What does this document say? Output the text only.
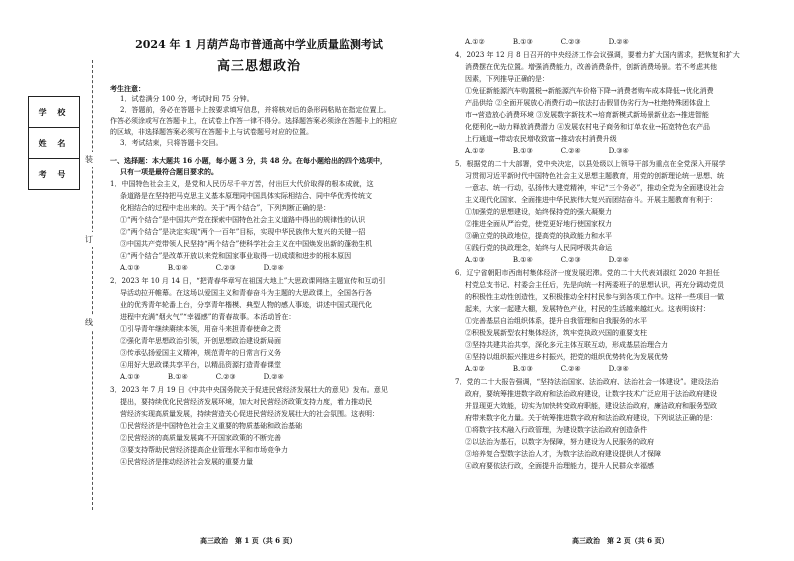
2024 年 1 月葫芦岛市普通高中学业质量监测考试
高三思想政治
学 校
姓 名
考 号
装
订
线
考生注意：
1．试卷满分 100 分，考试时间 75 分钟。
2．答题前，务必在答题卡上按要求填写信息，并将核对后的条形码粘贴在指定位置上。
作答必须涂或写在答题卡上，在试卷上作答一律不得分。选择题答案必须涂在答题卡上的相应
的区域，非选择题答案必须写在答题卡上与试卷题号对应的位置。
3．考试结束，只将答题卡交回。
一、选择题：本大题共 16 小题，每小题 3 分，共 48 分。在每小题给出的四个选项中，
只有一项是最符合题目要求的。
1．中国特色社会主义，是党和人民历尽千辛万苦，付出巨大代价取得的根本成就，这
条道路是在坚持把马克思主义基本原理同中国具体实际相结合、同中华优秀传统文
化相结合的过程中走出来的。关于“两个结合”，下列判断正确的是：
①“两个结合”是中国共产党在探索中国特色社会主义道路中得出的规律性的认识
②“两个结合”是决定实现“两个一百年”目标，实现中华民族伟大复兴的关键一招
③中国共产党带领人民坚持“两个结合”使科学社会主义在中国焕发出新的蓬勃生机
④“两个结合”是改革开放以来党和国家事业取得一切成绩和进步的根本原因
A.①③　　　　B.①④　　　　C.②③　　　　D.②④
2．2023 年 10 月 14 日，“把青春华章写在祖国大地上”大思政课网络主题宣传和互动引
导活动拉开帷幕。在这场以爱国主义和青春奋斗为主题的大思政课上，全国各行各
业的优秀青年轮番上台，分享青年楷模、典型人物的感人事迹，讲述中国式现代化
进程中充满“烟火气”“幸福感”的青春故事。本活动旨在：
①引导青年继续赓续本领，用奋斗来担青春使命之责
②强化青年思想政治引领，开创思想政治建设新局面
③传承弘扬爱国主义精神，规范青年的日常言行义务
④用好大思政课共享平台，以精品资源打造青春课堂
A.①③　　　　B.①④　　　　C.②③　　　　D.②④
3．2023 年 7 月 19 日《中共中央国务院关于促进民营经济发展壮大的意见》发布。意见
提出，要持续优化民营经济发展环境，加大对民营经济政策支持力度，着力推动民
营经济实现高质量发展，持续营造关心促进民营经济发展壮大的社会氛围。这表明：
①民营经济是中国特色社会主义重要的物质基础和政治基础
②民营经济的高质量发展离不开国家政策的不断完善
③要支持帮助民营经济提高企业管理水平和市场竞争力
④民营经济是推动经济社会发展的重要力量
A.①②　　　　B.①③　　　　C.②③　　　　D.②④
4．2023 年 12 月 8 日召开的中央经济工作会议强调，要着力扩大国内需求，把恢复和扩大
消费摆在优先位置。增强消费能力，改善消费条件，创新消费场景。若不考虑其他
因素，下列推导正确的是：
①免征新能源汽车购置税→新能源汽车价格下降→消费者购车成本降低→优化消费
产品供给 ②全面开展放心消费行动→依法打击假冒伪劣行为→杜绝特殊团体盘上
市→营造放心消费环境 ③发展数字新技术→培育新模式新场景新业态→推进智能
化便利化→助力释放消费潜力 ④发展农村电子商务和订单农业→拓宽特色农产品
上行通道→带动农民增收致富→推动农村消费升级
A.①②　　　　B.①③　　　　C.②④　　　　D.③④
5．根据党的二十大部署，党中央决定，以县处级以上领导干部为重点在全党深入开展学
习贯彻习近平新时代中国特色社会主义思想主题教育，用党的创新理论统一思想、统
一意志、统一行动，弘扬伟大建党精神，牢记“三个务必”，推动全党为全面建设社会
主义现代化国家、全面推进中华民族伟大复兴而团结奋斗。开展主题教育有利于：
①加强党的思想建设，始终保持党的强大凝聚力
②推进全面从严治党，使党更好地行使国家权力
③确立党的执政地位，提高党的执政能力和水平
④践行党的执政理念，始终与人民同呼吸共命运
A.①③　　　　B.①④　　　　C.②③　　　　D.②④
6．辽宁省朝阳市西南村集体经济一度发展迟滞。党的二十大代表刘淑红 2020 年担任
村党总支书记、村委会主任后，先是向统一村两委班子的思想认识，再充分调动党员
的积极性主动性创造性，又积极推动全村村民参与到各项工作中。这样一些项目一做
起来，大家一起建大棚，发展特色产业，村民的生活越来越红火。这表明该村：
①完善基层自治组织体系，提升自我管理和自我服务的水平
②积极发展新型农村集体经济，筑牢党执政兴国的重要支柱
③坚持共建共治共享，深化多元主体互联互动，形成基层治理合力
④坚持以组织振兴推进乡村振兴，把党的组织优势转化为发展优势
A.①②　　　　B.①③　　　　C.②④　　　　D.③④
7．党的二十大报告强调，“坚持法治国家、法治政府、法治社会一体建设”。建设法治
政府，要统筹推进数字政府和法治政府建设，让数字技术广泛应用于法治政府建设
并显现更大效能，切实为加快转变政府职能，建设法治政府，廉洁政府和服务型政
府带来数字化力量。关于统筹推进数字政府和法治政府建设，下列说法正确的是：
①将数字技术融入行政管理，为建设数字法治政府创造条件
②以法治为基石，以数字为保障，努力建设为人民服务的政府
③培养复合型数字法治人才，为数字法治政府建设提供人才保障
④政府要依法行政，全面提升治理能力，提升人民群众幸福感
高三政治　第 1 页（共 6 页）	高三政治　第 2 页（共 6 页）
